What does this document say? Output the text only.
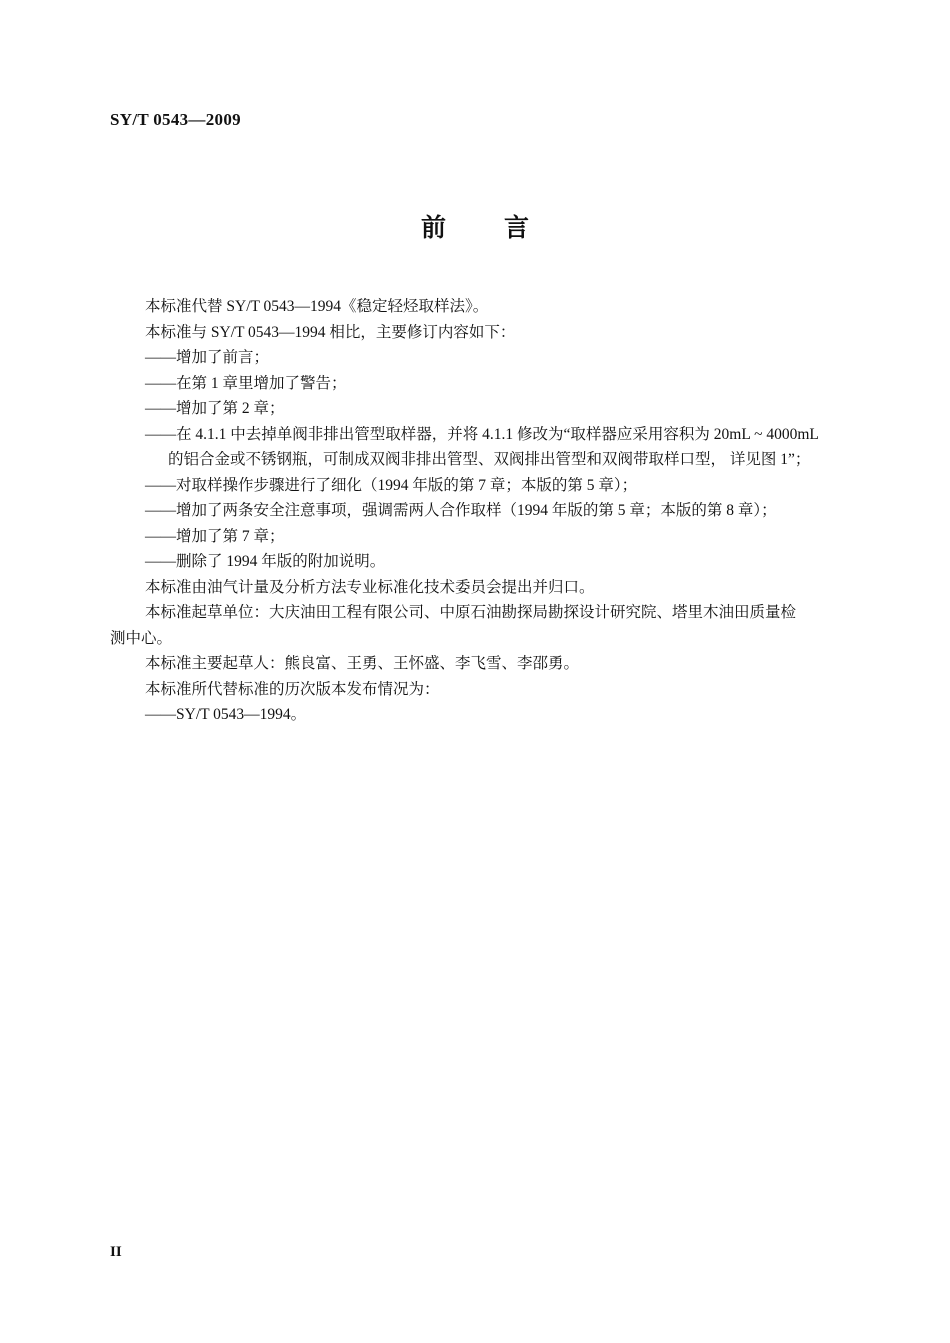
SY/T 0543—2009
前 言
本标准代替 SY/T 0543—1994《稳定轻烃取样法》。
本标准与 SY/T 0543—1994 相比，主要修订内容如下：
——增加了前言；
——在第 1 章里增加了警告；
——增加了第 2 章；
——在 4.1.1 中去掉单阀非排出管型取样器，并将 4.1.1 修改为“取样器应采用容积为 20mL ~ 4000mL
的铝合金或不锈钢瓶，可制成双阀非排出管型、双阀排出管型和双阀带取样口型， 详见图 1”；
——对取样操作步骤进行了细化（1994 年版的第 7 章；本版的第 5 章）；
——增加了两条安全注意事项，强调需两人合作取样（1994 年版的第 5 章；本版的第 8 章）；
——增加了第 7 章；
——删除了 1994 年版的附加说明。
本标准由油气计量及分析方法专业标准化技术委员会提出并归口。
本标准起草单位：大庆油田工程有限公司、中原石油勘探局勘探设计研究院、塔里木油田质量检
测中心。
本标准主要起草人：熊良富、王勇、王怀盛、李飞雪、李邵勇。
本标准所代替标准的历次版本发布情况为：
——SY/T 0543—1994。
II
